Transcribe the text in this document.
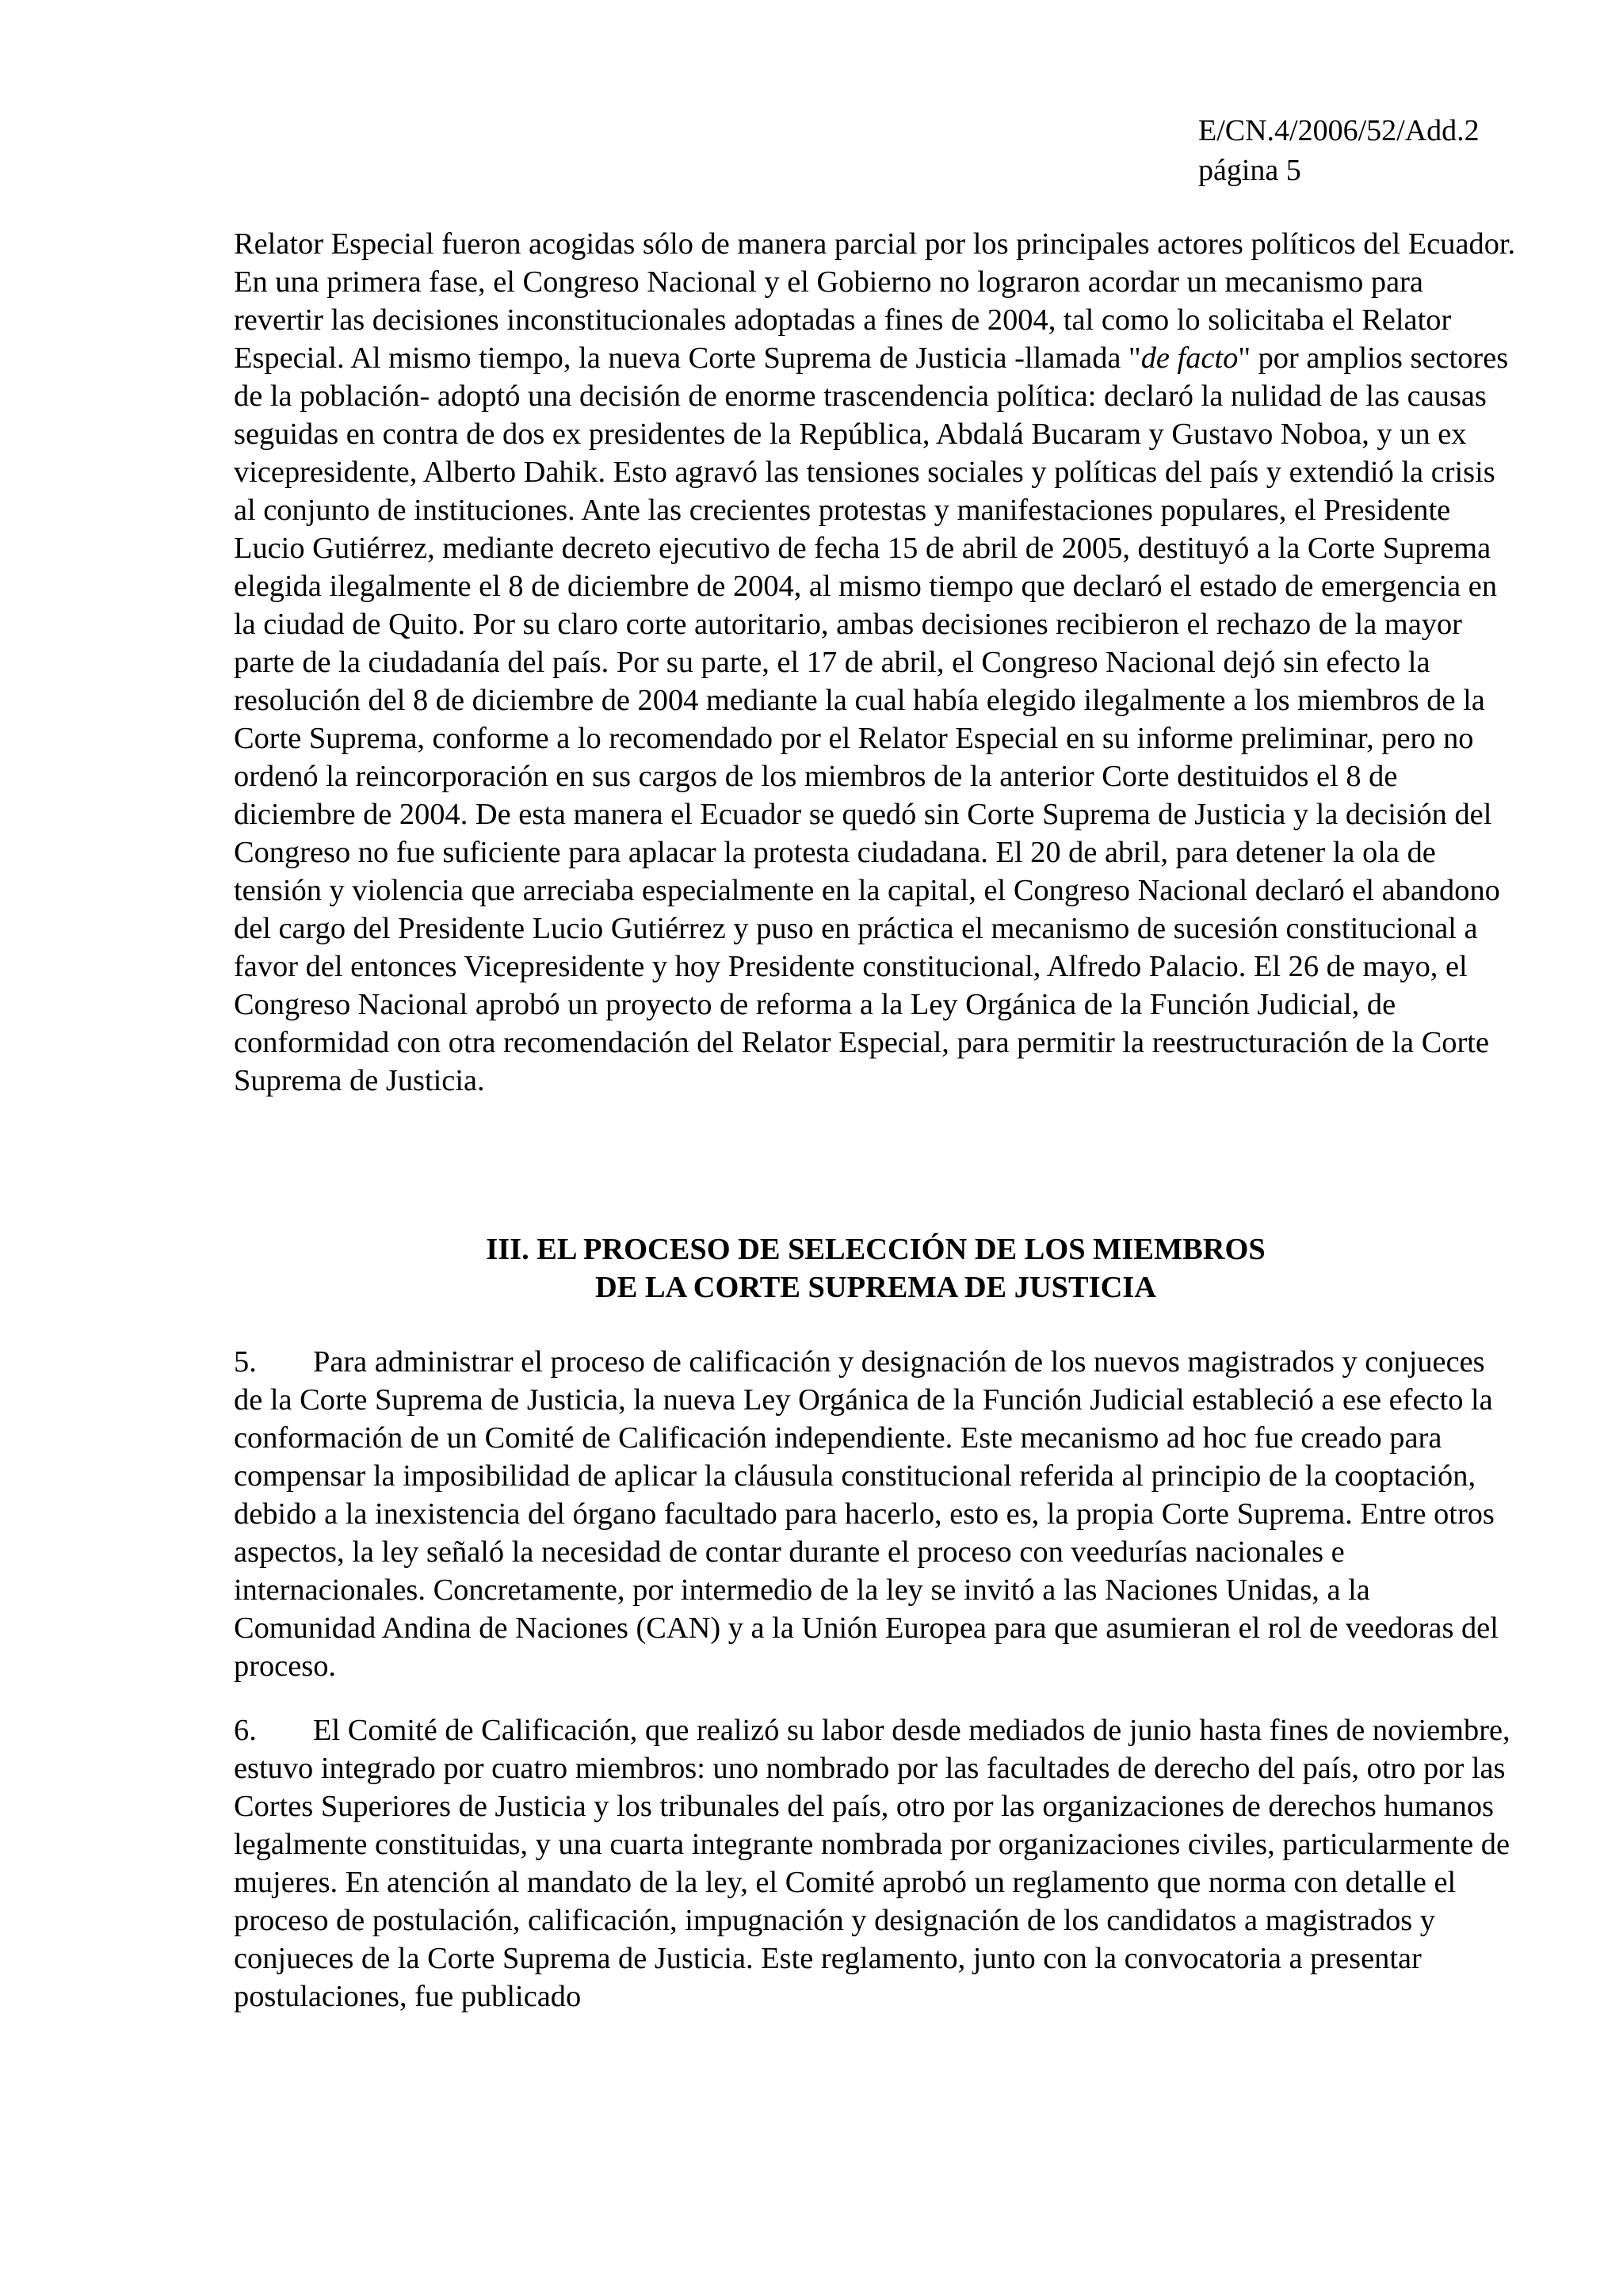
E/CN.4/2006/52/Add.2
página 5

Relator Especial fueron acogidas sólo de manera parcial por los principales actores políticos del Ecuador. En una primera fase, el Congreso Nacional y el Gobierno no lograron acordar un mecanismo para revertir las decisiones inconstitucionales adoptadas a fines de 2004, tal como lo solicitaba el Relator Especial. Al mismo tiempo, la nueva Corte Suprema de Justicia -llamada "de facto" por amplios sectores de la población- adoptó una decisión de enorme trascendencia política: declaró la nulidad de las causas seguidas en contra de dos ex presidentes de la República, Abdalá Bucaram y Gustavo Noboa, y un ex vicepresidente, Alberto Dahik. Esto agravó las tensiones sociales y políticas del país y extendió la crisis al conjunto de instituciones. Ante las crecientes protestas y manifestaciones populares, el Presidente Lucio Gutiérrez, mediante decreto ejecutivo de fecha 15 de abril de 2005, destituyó a la Corte Suprema elegida ilegalmente el 8 de diciembre de 2004, al mismo tiempo que declaró el estado de emergencia en la ciudad de Quito. Por su claro corte autoritario, ambas decisiones recibieron el rechazo de la mayor parte de la ciudadanía del país. Por su parte, el 17 de abril, el Congreso Nacional dejó sin efecto la resolución del 8 de diciembre de 2004 mediante la cual había elegido ilegalmente a los miembros de la Corte Suprema, conforme a lo recomendado por el Relator Especial en su informe preliminar, pero no ordenó la reincorporación en sus cargos de los miembros de la anterior Corte destituidos el 8 de diciembre de 2004. De esta manera el Ecuador se quedó sin Corte Suprema de Justicia y la decisión del Congreso no fue suficiente para aplacar la protesta ciudadana. El 20 de abril, para detener la ola de tensión y violencia que arreciaba especialmente en la capital, el Congreso Nacional declaró el abandono del cargo del Presidente Lucio Gutiérrez y puso en práctica el mecanismo de sucesión constitucional a favor del entonces Vicepresidente y hoy Presidente constitucional, Alfredo Palacio. El 26 de mayo, el Congreso Nacional aprobó un proyecto de reforma a la Ley Orgánica de la Función Judicial, de conformidad con otra recomendación del Relator Especial, para permitir la reestructuración de la Corte Suprema de Justicia.

III. EL PROCESO DE SELECCIÓN DE LOS MIEMBROS
DE LA CORTE SUPREMA DE JUSTICIA

5. Para administrar el proceso de calificación y designación de los nuevos magistrados y conjueces de la Corte Suprema de Justicia, la nueva Ley Orgánica de la Función Judicial estableció a ese efecto la conformación de un Comité de Calificación independiente. Este mecanismo ad hoc fue creado para compensar la imposibilidad de aplicar la cláusula constitucional referida al principio de la cooptación, debido a la inexistencia del órgano facultado para hacerlo, esto es, la propia Corte Suprema. Entre otros aspectos, la ley señaló la necesidad de contar durante el proceso con veedurías nacionales e internacionales. Concretamente, por intermedio de la ley se invitó a las Naciones Unidas, a la Comunidad Andina de Naciones (CAN) y a la Unión Europea para que asumieran el rol de veedoras del proceso.

6. El Comité de Calificación, que realizó su labor desde mediados de junio hasta fines de noviembre, estuvo integrado por cuatro miembros: uno nombrado por las facultades de derecho del país, otro por las Cortes Superiores de Justicia y los tribunales del país, otro por las organizaciones de derechos humanos legalmente constituidas, y una cuarta integrante nombrada por organizaciones civiles, particularmente de mujeres. En atención al mandato de la ley, el Comité aprobó un reglamento que norma con detalle el proceso de postulación, calificación, impugnación y designación de los candidatos a magistrados y conjueces de la Corte Suprema de Justicia. Este reglamento, junto con la convocatoria a presentar postulaciones, fue publicado
